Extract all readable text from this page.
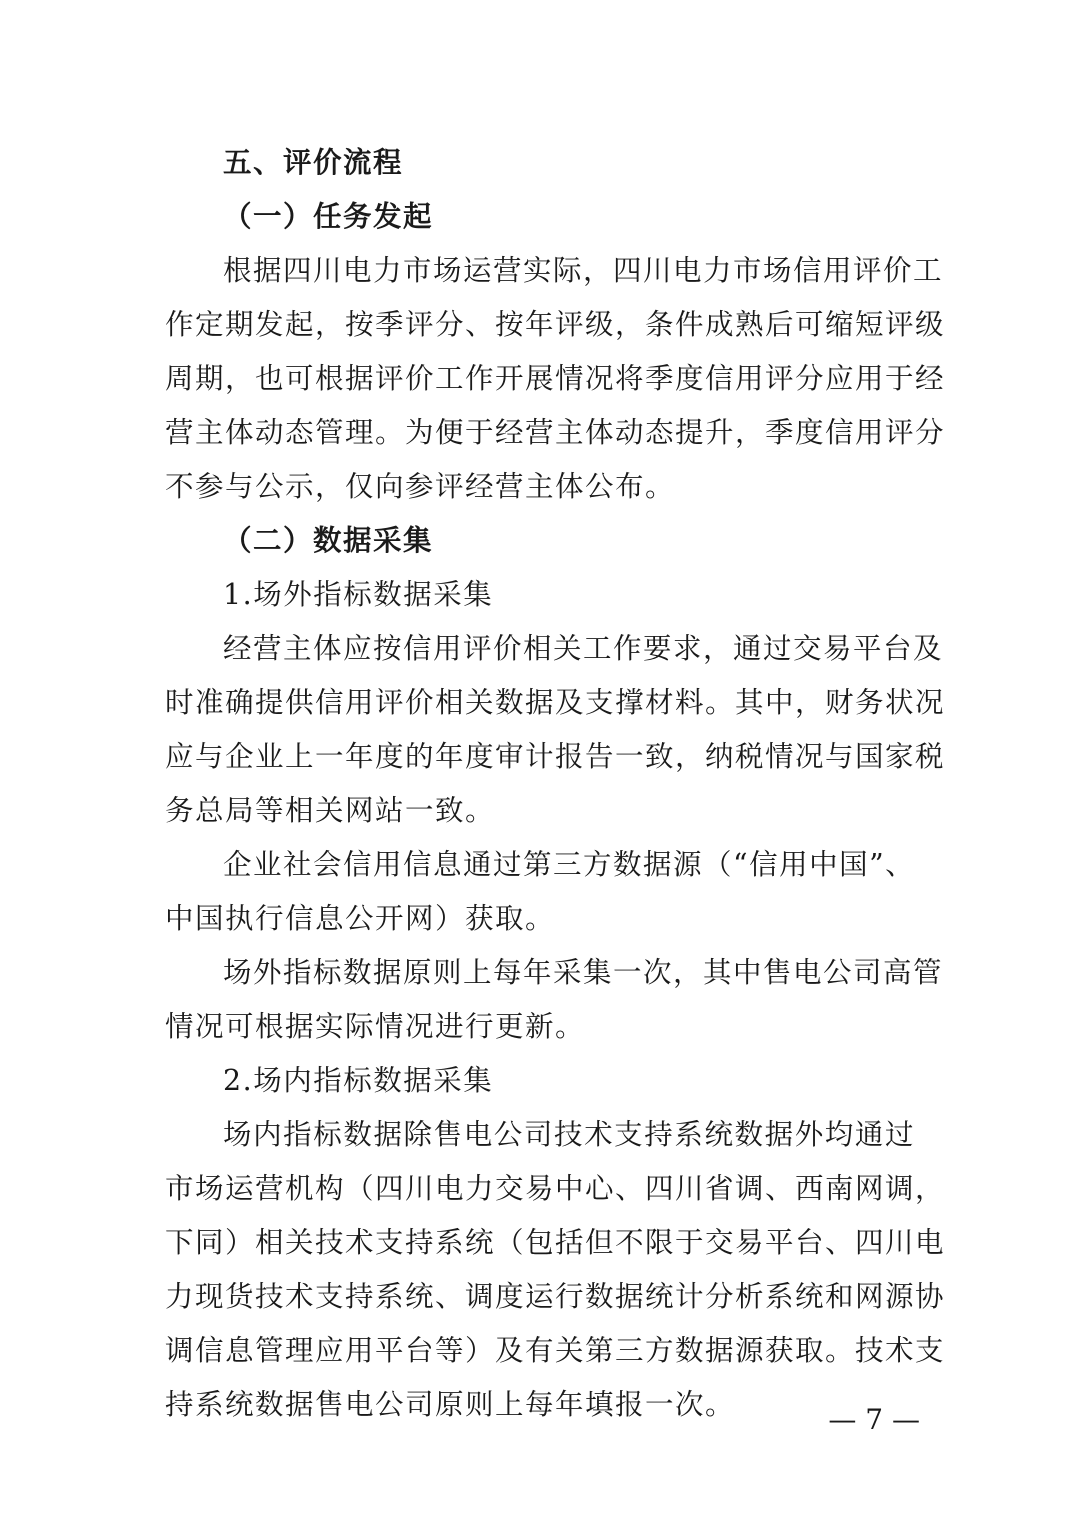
五、评价流程
（一）任务发起
根据四川电力市场运营实际，四川电力市场信用评价工
作定期发起，按季评分、按年评级，条件成熟后可缩短评级
周期，也可根据评价工作开展情况将季度信用评分应用于经
营主体动态管理。为便于经营主体动态提升，季度信用评分
不参与公示，仅向参评经营主体公布。
（二）数据采集
1.场外指标数据采集
经营主体应按信用评价相关工作要求，通过交易平台及
时准确提供信用评价相关数据及支撑材料。其中，财务状况
应与企业上一年度的年度审计报告一致，纳税情况与国家税
务总局等相关网站一致。
企业社会信用信息通过第三方数据源（“信用中国”、
中国执行信息公开网）获取。
场外指标数据原则上每年采集一次，其中售电公司高管
情况可根据实际情况进行更新。
2.场内指标数据采集
场内指标数据除售电公司技术支持系统数据外均通过
市场运营机构（四川电力交易中心、四川省调、西南网调，
下同）相关技术支持系统（包括但不限于交易平台、四川电
力现货技术支持系统、调度运行数据统计分析系统和网源协
调信息管理应用平台等）及有关第三方数据源获取。技术支
持系统数据售电公司原则上每年填报一次。	— 7 —
